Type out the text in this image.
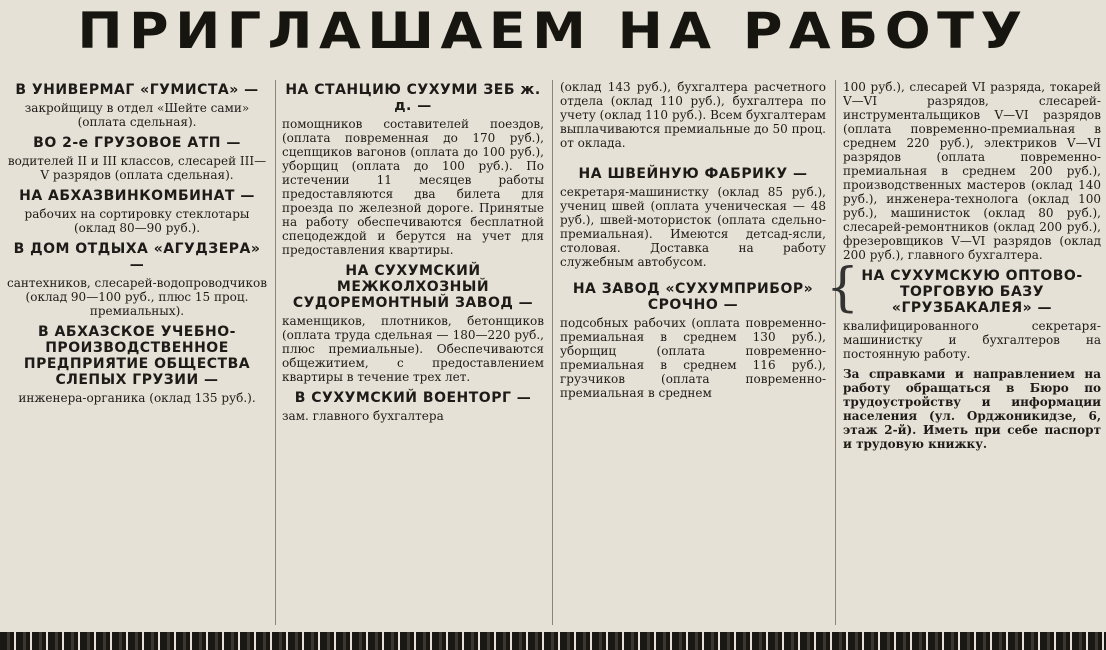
ПРИГЛАШАЕМ НА РАБОТУ
В УНИВЕРМАГ «ГУМИСТА» —
закройщицу в отдел «Шейте сами» (оплата сдельная).
ВО 2-е ГРУЗОВОЕ АТП —
водителей II и III классов, слесарей III—V разрядов (оплата сдельная).
НА АБХАЗВИНКОМБИНАТ —
рабочих на сортировку стеклотары (оклад 80—90 руб.).
В ДОМ ОТДЫХА «АГУДЗЕРА» —
сантехников, слесарей-водопроводчиков (оклад 90—100 руб., плюс 15 проц. премиальных).
В АБХАЗСКОЕ УЧЕБНО-ПРОИЗВОДСТВЕННОЕ ПРЕДПРИЯТИЕ ОБЩЕСТВА СЛЕПЫХ ГРУЗИИ —
инженера-органика (оклад 135 руб.).
НА СТАНЦИЮ СУХУМИ ЗЕБ ж. д. —
помощников составителей поездов, (оплата повременная до 170 руб.), сцепщиков вагонов (оплата до 100 руб.), уборщиц (оплата до 100 руб.). По истечении 11 месяцев работы предоставляются два билета для проезда по железной дороге. Принятые на работу обеспечиваются бесплатной спецодеждой и берутся на учет для предоставления квартиры.
НА СУХУМСКИЙ МЕЖКОЛХОЗНЫЙ СУДОРЕМОНТНЫЙ ЗАВОД —
каменщиков, плотников, бетонщиков (оплата труда сдельная — 180—220 руб., плюс премиальные). Обеспечиваются общежитием, с предоставлением квартиры в течение трех лет.
В СУХУМСКИЙ ВОЕНТОРГ —
зам. главного бухгалтера
(оклад 143 руб.), бухгалтера расчетного отдела (оклад 110 руб.), бухгалтера по учету (оклад 110 руб.). Всем бухгалтерам выплачиваются премиальные до 50 проц. от оклада.
НА ШВЕЙНУЮ ФАБРИКУ —
секретаря-машинистку (оклад 85 руб.), учениц швей (оплата ученическая — 48 руб.), швей-мотористок (оплата сдельно-премиальная). Имеются детсад-ясли, столовая. Доставка на работу служебным автобусом.
НА ЗАВОД «СУХУМПРИБОР» СРОЧНО —
подсобных рабочих (оплата повременно-премиальная в среднем 130 руб.), уборщиц (оплата повременно-премиальная в среднем 116 руб.), грузчиков (оплата повременно-премиальная в среднем
{
100 руб.), слесарей VI разряда, токарей V—VI разрядов, слесарей-инструментальщиков V—VI разрядов (оплата повременно-премиальная в среднем 220 руб.), электриков V—VI разрядов (оплата повременно-премиальная в среднем 200 руб.), производственных мастеров (оклад 140 руб.), инженера-технолога (оклад 100 руб.), машинисток (оклад 80 руб.), слесарей-ремонтников (оклад 200 руб.), фрезеровщиков V—VI разрядов (оклад 200 руб.), главного бухгалтера.
НА СУХУМСКУЮ ОПТОВО-ТОРГОВУЮ БАЗУ «ГРУЗБАКАЛЕЯ» —
квалифицированного секретаря-машинистку и бухгалтеров на постоянную работу.
За справками и направлением на работу обращаться в Бюро по трудоустройству и информации населения (ул. Орджоникидзе, 6, этаж 2-й). Иметь при себе паспорт и трудовую книжку.
